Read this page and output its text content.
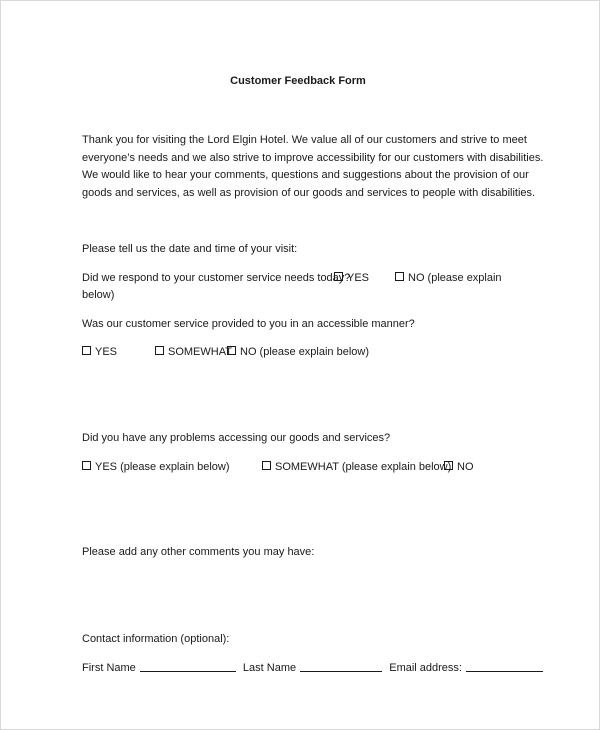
Customer Feedback Form
Thank you for visiting the Lord Elgin Hotel. We value all of our customers and strive to meet
everyone’s needs and we also strive to improve accessibility for our customers with disabilities.
We would like to hear your comments, questions and suggestions about the provision of our
goods and services, as well as provision of our goods and services to people with disabilities.
Please tell us the date and time of your visit:
Did we respond to your customer service needs today?
YES	NO (please explain
below)
Was our customer service provided to you in an accessible manner?
YES	SOMEWHAT NO (please explain below)
Did you have any problems accessing our goods and services?
YES (please explain below)	SOMEWHAT (please explain below) NO
Please add any other comments you may have:
Contact information (optional):
First Name	Last Name	Email address:
